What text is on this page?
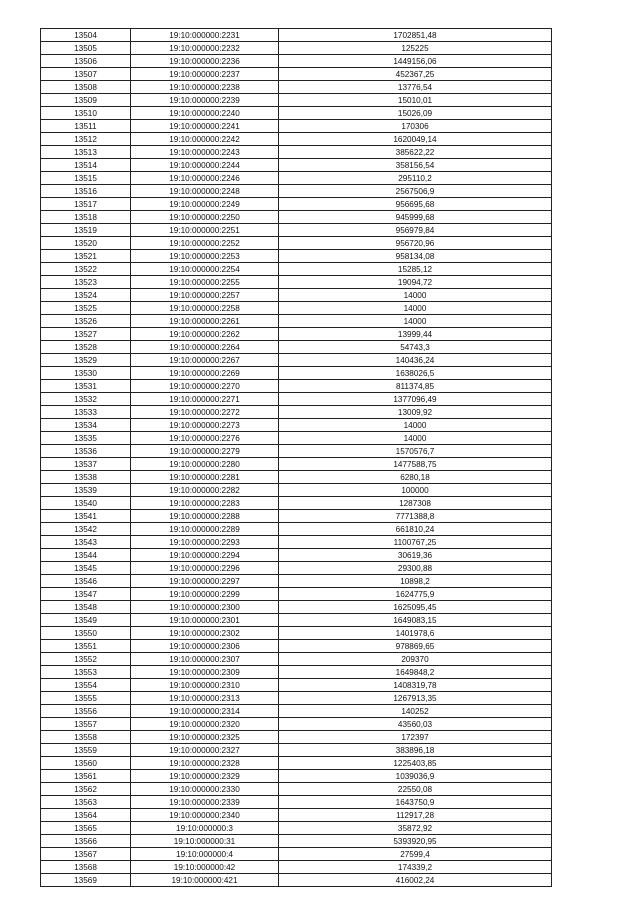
13504	19:10:000000:2231	1702851,48
13505	19:10:000000:2232	125225
13506	19:10:000000:2236	1449156,06
13507	19:10:000000:2237	452367,25
13508	19:10:000000:2238	13776,54
13509	19:10:000000:2239	15010,01
13510	19:10:000000:2240	15026,09
13511	19:10:000000:2241	170306
13512	19:10:000000:2242	1620049,14
13513	19:10:000000:2243	385622,22
13514	19:10:000000:2244	358156,54
13515	19:10:000000:2246	295110,2
13516	19:10:000000:2248	2567506,9
13517	19:10:000000:2249	956695,68
13518	19:10:000000:2250	945999,68
13519	19:10:000000:2251	956979,84
13520	19:10:000000:2252	956720,96
13521	19:10:000000:2253	958134,08
13522	19:10:000000:2254	15285,12
13523	19:10:000000:2255	19094,72
13524	19:10:000000:2257	14000
13525	19:10:000000:2258	14000
13526	19:10:000000:2261	14000
13527	19:10:000000:2262	13999,44
13528	19:10:000000:2264	54743,3
13529	19:10:000000:2267	140436,24
13530	19:10:000000:2269	1638026,5
13531	19:10:000000:2270	811374,85
13532	19:10:000000:2271	1377096,49
13533	19:10:000000:2272	13009,92
13534	19:10:000000:2273	14000
13535	19:10:000000:2276	14000
13536	19:10:000000:2279	1570576,7
13537	19:10:000000:2280	1477588,75
13538	19:10:000000:2281	6280,18
13539	19:10:000000:2282	100000
13540	19:10:000000:2283	1287308
13541	19:10:000000:2288	7771388,8
13542	19:10:000000:2289	661810,24
13543	19:10:000000:2293	1100767,25
13544	19:10:000000:2294	30619,36
13545	19:10:000000:2296	29300,88
13546	19:10:000000:2297	10898,2
13547	19:10:000000:2299	1624775,9
13548	19:10:000000:2300	1625095,45
13549	19:10:000000:2301	1649083,15
13550	19:10:000000:2302	1401978,6
13551	19:10:000000:2306	978869,65
13552	19:10:000000:2307	209370
13553	19:10:000000:2309	1649848,2
13554	19:10:000000:2310	1408319,78
13555	19:10:000000:2313	1267913,35
13556	19:10:000000:2314	140252
13557	19:10:000000:2320	43560,03
13558	19:10:000000:2325	172397
13559	19:10:000000:2327	383896,18
13560	19:10:000000:2328	1225403,85
13561	19:10:000000:2329	1039036,9
13562	19:10:000000:2330	22550,08
13563	19:10:000000:2339	1643750,9
13564	19:10:000000:2340	112917,28
13565	19:10:000000:3	35872,92
13566	19:10:000000:31	5393920,95
13567	19:10:000000:4	27599,4
13568	19:10:000000:42	174339,2
13569	19:10:000000:421	416002,24
